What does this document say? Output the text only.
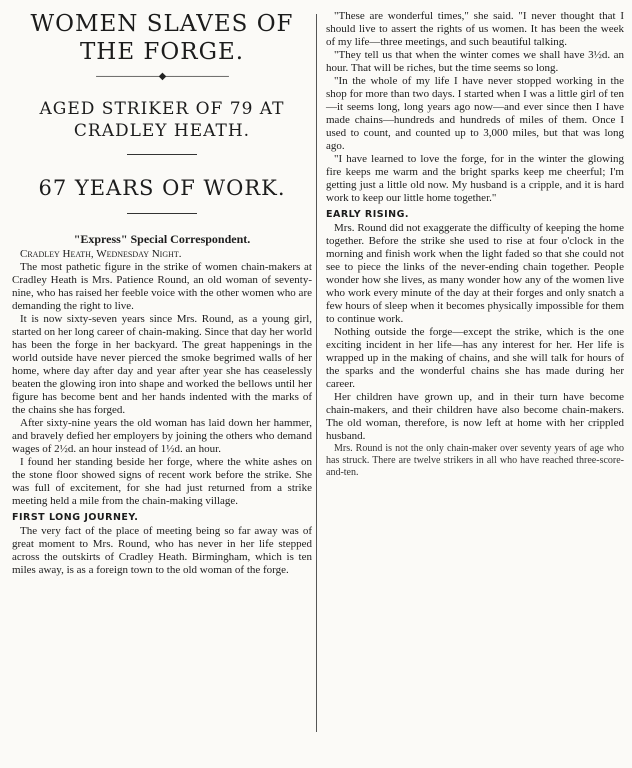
WOMEN SLAVES OF THE FORGE.
———————◆———————
AGED STRIKER OF 79 AT CRADLEY HEATH.
67 YEARS OF WORK.
"Express" Special Correspondent.

Cradley Heath, Wednesday Night.

The most pathetic figure in the strike of women chain-makers at Cradley Heath is Mrs. Patience Round, an old woman of seventy-nine, who has raised her feeble voice with the other women who are demanding the right to live.

It is now sixty-seven years since Mrs. Round, as a young girl, started on her long career of chain-making. Since that day her world has been the forge in her backyard. The great happenings in the world outside have never pierced the smoke begrimed walls of her home, where day after day and year after year she has ceaselessly beaten the glowing iron into shape and worked the bellows until her figure has become bent and her hands indented with the marks of the chains she has forged.

After sixty-nine years the old woman has laid down her hammer, and bravely defied her employers by joining the others who demand wages of 2½d. an hour instead of 1½d. an hour.

I found her standing beside her forge, where the white ashes on the stone floor showed signs of recent work before the strike. She was full of excitement, for she had just returned from a strike meeting held a mile from the chain-making village.

FIRST LONG JOURNEY.

The very fact of the place of meeting being so far away was of great moment to Mrs. Round, who has never in her life stepped across the outskirts of Cradley Heath. Birmingham, which is ten miles away, is as a foreign town to the old woman of the forge.

"These are wonderful times," she said. "I never thought that I should live to assert the rights of us women. It has been the week of my life—three meetings, and such beautiful talking.

"They tell us that when the winter comes we shall have 3½d. an hour. That will be riches, but the time seems so long.

"In the whole of my life I have never stopped working in the shop for more than two days. I started when I was a little girl of ten—it seems long, long years ago now—and ever since then I have made chains—hundreds and hundreds of miles of them. Once I used to count, and counted up to 3,000 miles, but that was long ago.

"I have learned to love the forge, for in the winter the glowing fire keeps me warm and the bright sparks keep me cheerful; I'm getting just a little old now. My husband is a cripple, and it is hard work to keep our little home together."

EARLY RISING.

Mrs. Round did not exaggerate the difficulty of keeping the home together. Before the strike she used to rise at four o'clock in the morning and finish work when the light faded so that she could not see to piece the links of the never-ending chain together. People wonder how she lives, as many wonder how any of the women live who work every minute of the day at their forges and only snatch a few hours of sleep when it becomes physically impossible for them to continue work.

Nothing outside the forge—except the strike, which is the one exciting incident in her life—has any interest for her. Her life is wrapped up in the making of chains, and she will talk for hours of the sparks and the wonderful chains she has made during her career.

Her children have grown up, and in their turn have become chain-makers, and their children have also become chain-makers. The old woman, therefore, is now left at home with her crippled husband.

Mrs. Round is not the only chain-maker over seventy years of age who has struck. There are twelve strikers in all who have reached three-score-and-ten.
